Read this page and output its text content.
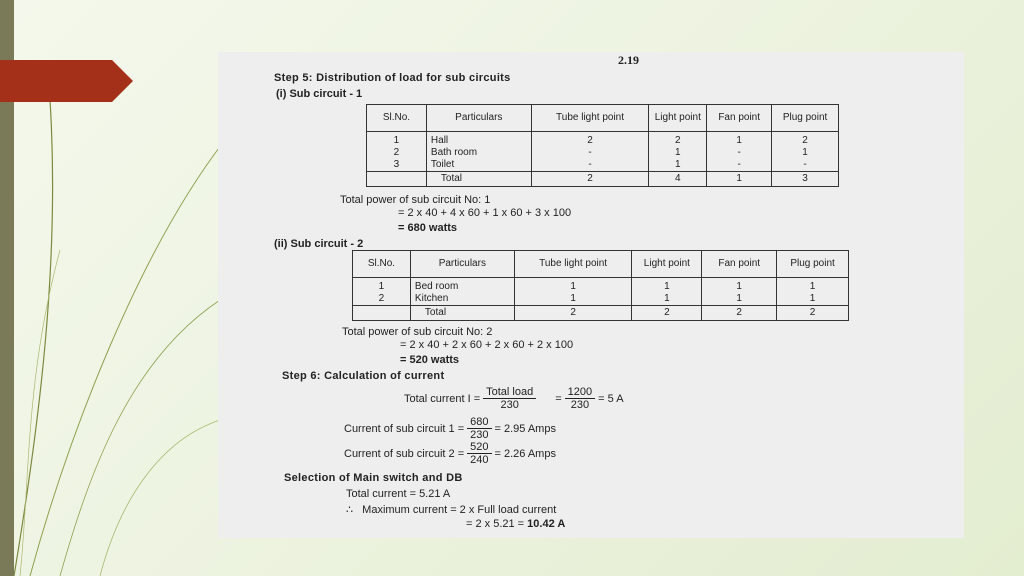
2.19
Step 5: Distribution of load for sub circuits
(i) Sub circuit - 1
Sl.No.	Particulars	Tube light point	Light point	Fan point	Plug point
1	Hall	2	2	1	2
2	Bath room	-	1	-	1
3	Toilet	-	1	-	-
	Total	2	4	1	3
Total power of sub circuit No: 1
= 2 x 40 + 4 x 60 + 1 x 60 + 3 x 100
= 680 watts
(ii) Sub circuit - 2
Sl.No.	Particulars	Tube light point	Light point	Fan point	Plug point
1	Bed room	1	1	1	1
2	Kitchen	1	1	1	1
	Total	2	2	2	2
Total power of sub circuit No: 2
= 2 x 40 + 2 x 60 + 2 x 60 + 2 x 100
= 520 watts
Step 6: Calculation of current
Total current $I = \frac{\text{Total load}}{230} = \frac{1200}{230} = 5$ A
Current of sub circuit $1 = \frac{680}{230} = 2.95$ Amps
Current of sub circuit $2 = \frac{520}{240} = 2.26$ Amps
Selection of Main switch and DB
Total current = 5.21 A
∴ Maximum current = 2 x Full load current
= 2 x 5.21 = 10.42 A
